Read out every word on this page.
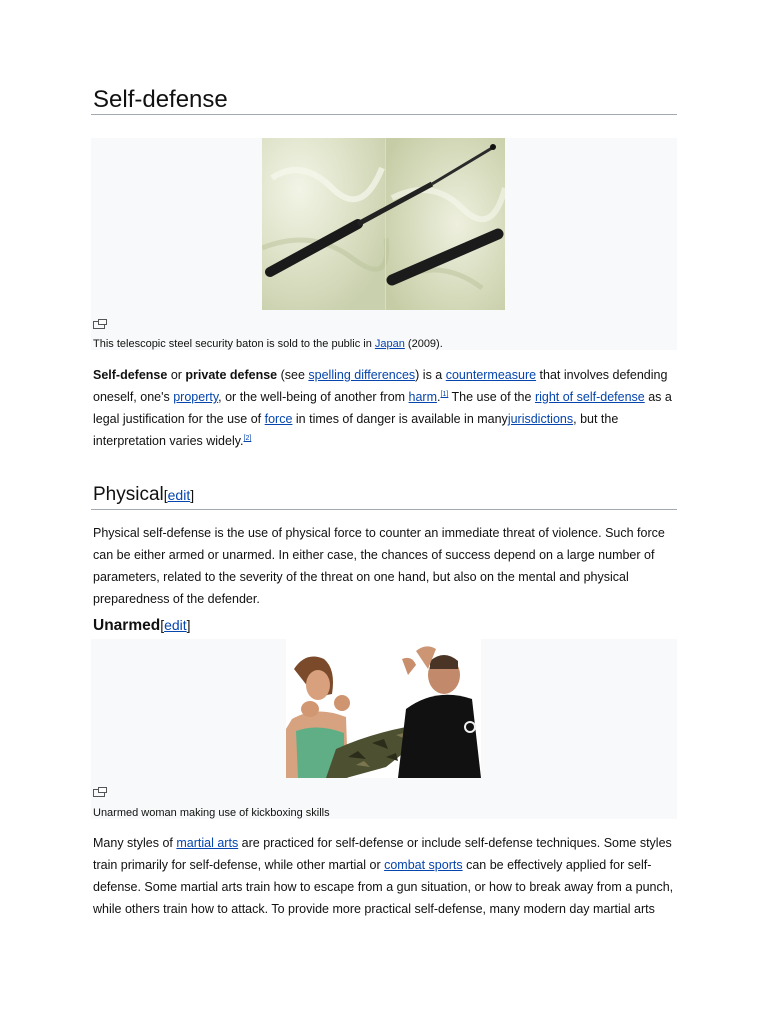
Self-defense
This telescopic steel security baton is sold to the public in Japan (2009).

Self-defense or private defense (see spelling differences) is a countermeasure that involves defending oneself, one's property, or the well-being of another from harm.[1] The use of the right of self-defense as a legal justification for the use of force in times of danger is available in manyjurisdictions, but the interpretation varies widely.[2]

Physical[edit]

Physical self-defense is the use of physical force to counter an immediate threat of violence. Such force can be either armed or unarmed. In either case, the chances of success depend on a large number of parameters, related to the severity of the threat on one hand, but also on the mental and physical preparedness of the defender.

Unarmed[edit]
Unarmed woman making use of kickboxing skills

Many styles of martial arts are practiced for self-defense or include self-defense techniques. Some styles train primarily for self-defense, while other martial or combat sports can be effectively applied for self-defense. Some martial arts train how to escape from a gun situation, or how to break away from a punch, while others train how to attack. To provide more practical self-defense, many modern day martial arts
